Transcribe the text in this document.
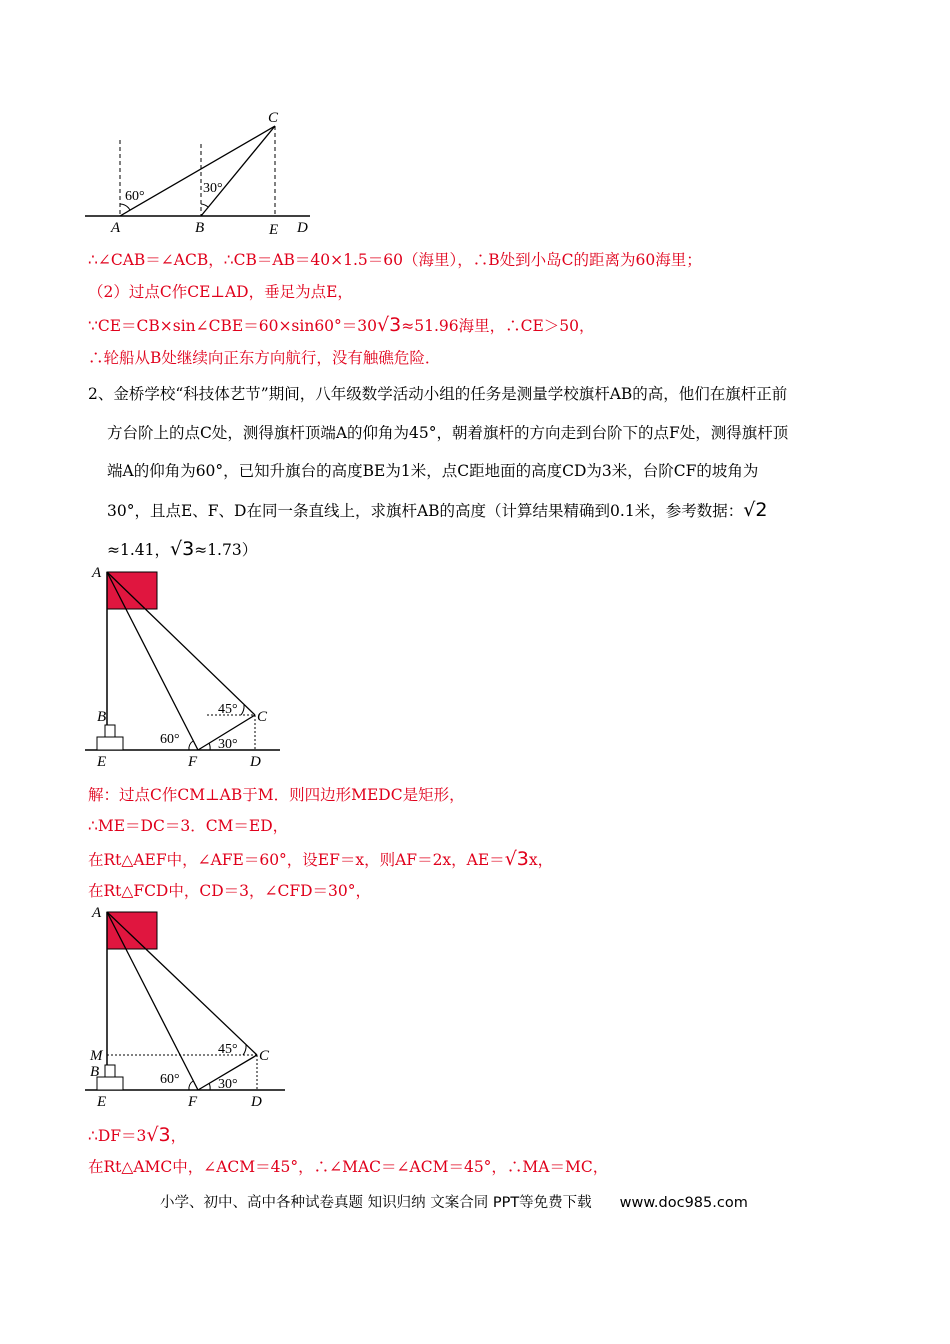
A	B
C
E D
60°
30°
∴∠CAB＝∠ACB，∴CB＝AB＝40×1.5＝60（海里），∴B处到小岛C的距离为60海里；
（2）过点C作CE⊥AD，垂足为点E，
∵CE＝CB×sin∠CBE＝60×sin60°＝30√3≈51.96海里，∴CE＞50，
∴轮船从B处继续向正东方向航行，没有触礁危险．
2、金桥学校“科技体艺节”期间，八年级数学活动小组的任务是测量学校旗杆AB的高，他们在旗杆正前
方台阶上的点C处，测得旗杆顶端A的仰角为45°，朝着旗杆的方向走到台阶下的点F处，测得旗杆顶
端A的仰角为60°，已知升旗台的高度BE为1米，点C距地面的高度CD为3米，台阶CF的坡角为
30°，且点E、F、D在同一条直线上，求旗杆AB的高度（计算结果精确到0.1米，参考数据：√2
≈1.41，√3≈1.73）
A
B	C
E	F	D
45°
60°	30°
解：过点C作CM⊥AB于M．则四边形MEDC是矩形，
∴ME＝DC＝3．CM＝ED，
在Rt△AEF中，∠AFE＝60°，设EF＝x，则AF＝2x，AE＝√3x，
在Rt△FCD中，CD＝3，∠CFD＝30°，
A
M
B
C
E	F	D
45°
60°	30°
∴DF＝3√3，
在Rt△AMC中，∠ACM＝45°，∴∠MAC＝∠ACM＝45°，∴MA＝MC，
小学、初中、高中各种试卷真题 知识归纳 文案合同 PPT等免费下载 www.doc985.com
